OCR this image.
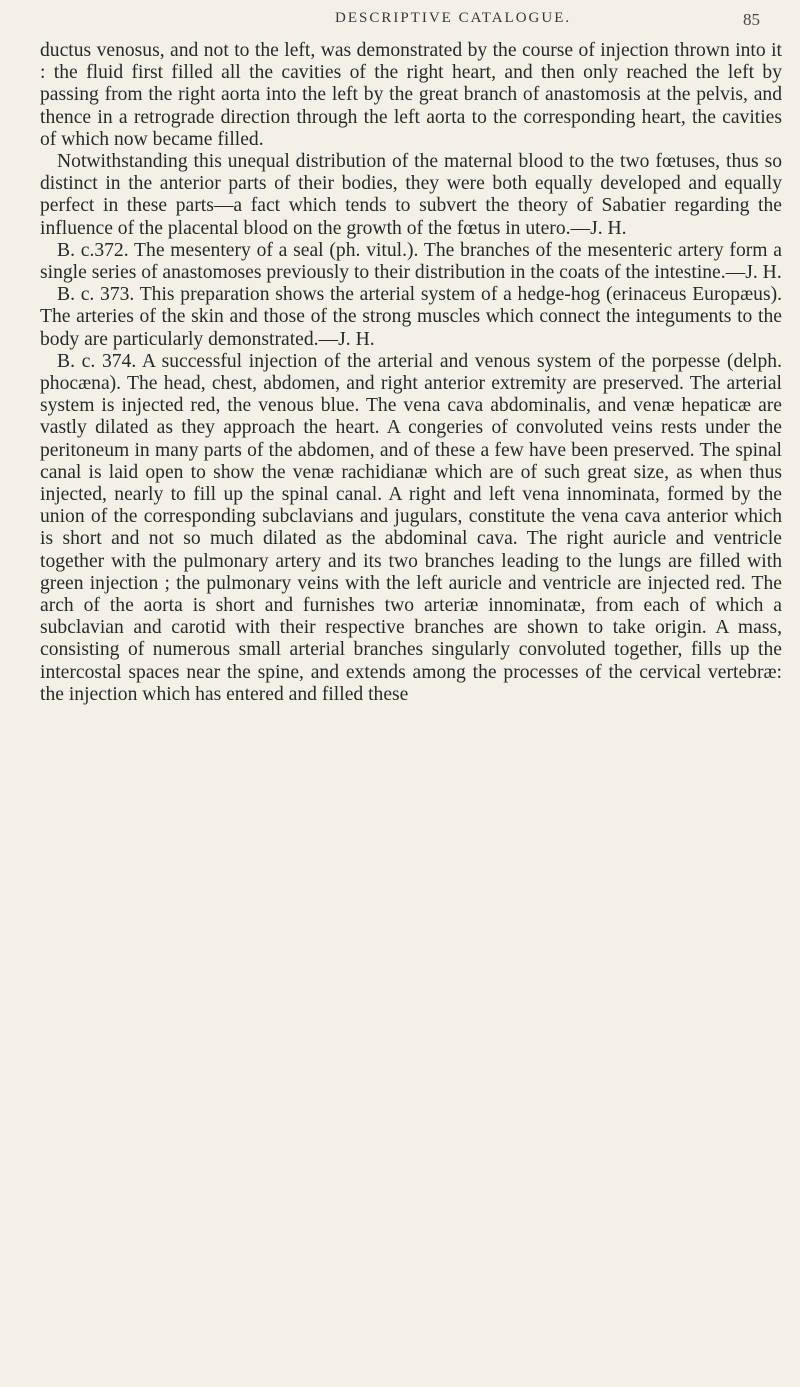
DESCRIPTIVE CATALOGUE.	85

ductus venosus, and not to the left, was demonstrated by the course of injection thrown into it : the fluid first filled all the cavities of the right heart, and then only reached the left by passing from the right aorta into the left by the great branch of anastomosis at the pelvis, and thence in a retrograde direction through the left aorta to the corresponding heart, the cavities of which now became filled.

Notwithstanding this unequal distribution of the maternal blood to the two fœtuses, thus so distinct in the anterior parts of their bodies, they were both equally developed and equally perfect in these parts—a fact which tends to subvert the theory of Sabatier regarding the influence of the placental blood on the growth of the fœtus in utero.—J. H.

B. c.372. The mesentery of a seal (ph. vitul.). The branches of the mesenteric artery form a single series of anastomoses previously to their distribution in the coats of the intestine.—J. H.

B. c. 373. This preparation shows the arterial system of a hedge-hog (erinaceus Europæus). The arteries of the skin and those of the strong muscles which connect the integuments to the body are particularly demonstrated.—J. H.

B. c. 374. A successful injection of the arterial and venous system of the porpesse (delph. phocæna). The head, chest, abdomen, and right anterior extremity are preserved. The arterial system is injected red, the venous blue. The vena cava abdominalis, and venæ hepaticæ are vastly dilated as they approach the heart. A congeries of convoluted veins rests under the peritoneum in many parts of the abdomen, and of these a few have been preserved. The spinal canal is laid open to show the venæ rachidianæ which are of such great size, as when thus injected, nearly to fill up the spinal canal. A right and left vena innominata, formed by the union of the corresponding subclavians and jugulars, constitute the vena cava anterior which is short and not so much dilated as the abdominal cava. The right auricle and ventricle together with the pulmonary artery and its two branches leading to the lungs are filled with green injection ; the pulmonary veins with the left auricle and ventricle are injected red. The arch of the aorta is short and furnishes two arteriæ innominatæ, from each of which a subclavian and carotid with their respective branches are shown to take origin. A mass, consisting of numerous small arterial branches singularly convoluted together, fills up the intercostal spaces near the spine, and extends among the processes of the cervical vertebræ: the injection which has entered and filled these
